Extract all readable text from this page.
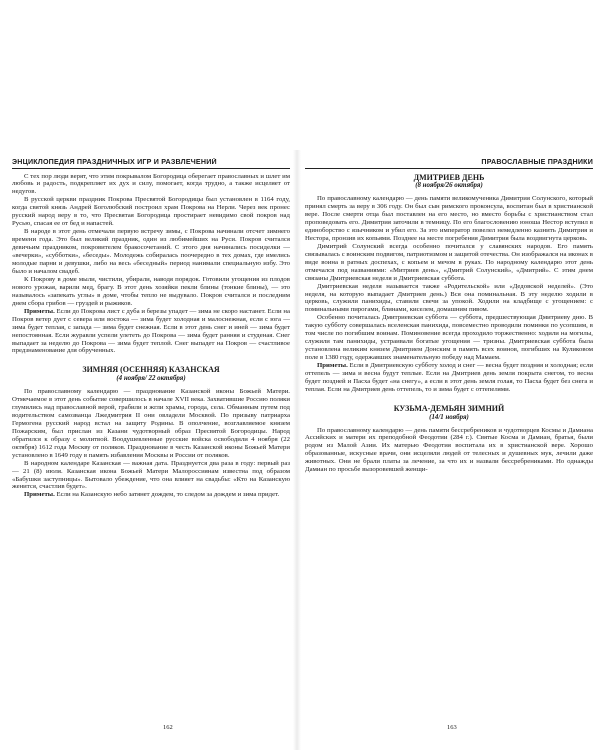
ЭНЦИКЛОПЕДИЯ ПРАЗДНИЧНЫХ ИГР И РАЗВЛЕЧЕНИЙ

С тех пор люди верят, что этим покрывалом Богородица оберегает православных и шлет им любовь и радость, подкрепляет их дух и силу, помогает, когда трудно, а также исцеляет от недугов.

В русской церкви праздник Покрова Пресвятой Богородицы был установлен в 1164 году, когда святой князь Андрей Боголюбский построил храм Покрова на Нерли. Через век пронес русский народ веру в то, что Пресвятая Богородица простирает невидимо свой покров над Русью, спасая ее от бед и напастей.

В народе в этот день отмечали первую встречу зимы, с Покрова начинали отсчет зимнего времени года. Это был великий праздник, один из любимейших на Руси. Покров считался девичьим праздником, покровителем бракосочетаний. С этого дня начинались посиделки — «вечерки», «субботки», «беседы». Молодежь собиралась поочередно в тех домах, где имелись молодые парни и девушки, либо на весь «беседный» период нанимали специальную избу. Это было и началом свадеб.

К Покрову в доме мыли, чистили, убирали, наводя порядок. Готовили угощения из плодов нового урожая, варили мед, брагу. В этот день хозяйки пекли блины (тонкие блины), — это называлось «запекать углы» в доме, чтобы тепло не выдувало. Покров считался и последним днем сбора грибов — груздей и рыжиков.

Приметы. Если до Покрова лист с дуба и березы упадет — зима не скоро настанет. Если на Покров ветер дует с севера или востока — зима будет холодная и малоснежная, если с юга — зима будет теплая, с запада — зима будет снежная. Если в этот день снег и иней — зима будет непостоянная. Если журавли успели улететь до Покрова — зима будет ранняя и студеная. Снег выпадает за неделю до Покрова — зима будет теплой. Снег выпадет на Покров — счастливое предзнаменование для обрученных.

ЗИМНЯЯ (ОСЕННЯЯ) КАЗАНСКАЯ
(4 ноября/ 22 октября)

По православному календарю — празднование Казанской иконы Божьей Матери. Отмечаемое в этот день событие совершилось в начале XVII века. Захватившие Россию поляки глумились над православной верой, грабили и жгли храмы, города, села. Обманным путем под водительством самозванца Лжедмитрия II они овладели Москвой. По призыву патриарха Гермогена русский народ встал на защиту Родины. В ополчение, возглавляемое князем Пожарским, был прислан из Казани чудотворный образ Пресвятой Богородицы. Народ обратился к образу с молитвой. Воодушевленные русские войска освободили 4 ноября (22 октября) 1612 года Москву от поляков. Празднование в честь Казанской иконы Божьей Матери установлено в 1649 году в память избавления Москвы и России от поляков.

В народном календаре Казанская — важная дата. Празднуется два раза в году: первый раз — 21 (8) июля. Казанская икона Божьей Матери Малороссиянам известна под образом «Бабушки заступницы». Бытовало убеждение, что она влияет на свадьбы: «Кто на Казанскую женится, счастлив будет».

Приметы. Если на Казанскую небо затянет дождем, то следом за дождем и зима придет.

162
ПРАВОСЛАВНЫЕ ПРАЗДНИКИ
ДМИТРИЕВ ДЕНЬ
(8 ноября/26 октября)

По православному календарю — день памяти великомученика Димитрия Солунского, который принял смерть за веру в 306 году. Он был сын римского проконсула, воспитан был в христианской вере. После смерти отца был поставлен на его место, но вместо борьбы с христианством стал проповедовать его. Димитрия заточили в темницу. По его благословению юноша Нестор вступил в единоборство с язычником и убил его. За это император повелел немедленно казнить Димитрия и Нестора, пронзив их копьями. Позднее на месте погребения Димитрия была воздвигнута церковь.

Димитрий Солунский всегда особенно почитался у славянских народов. Его память связывалась с воинским подвигом, патриотизмом и защитой отечества. Он изображался на иконах в виде воина в ратных доспехах, с копьем и мечом в руках. По народному календарю этот день отмечался под названиями: «Митриев день», «Дмитрий Солунский», «Дмитрий». С этим днем связаны Дмитриевская неделя и Дмитриевская суббота.

Дмитриевская неделя называется также «Родительской» или «Дедовской неделей». (Это неделя, на которую выпадает Дмитриев день.) Вся она поминальная. В эту неделю ходили в церковь, служили панихиды, ставили свечи за упокой. Ходили на кладбище с угощением: с поминальными пирогами, блинами, киселем, домашним пивом.

Особенно почиталась Дмитриевская суббота — суббота, предшествующая Дмитриеву дню. В такую субботу совершалась вселенская панихида, повсеместно проводили поминки по усопшим, в том числе по погибшим воинам. Поминовение всегда проходило торжественно: ходили на могилы, служили там панихиды, устраивали богатые угощения — тризны. Дмитриевская суббота была установлена великим князем Дмитрием Донским в память всех воинов, погибших на Куликовом поле в 1380 году, одержавших знаменательную победу над Мамаем.

Приметы. Если в Дмитриевскую субботу холод и снег — весна будет поздняя и холодная; если оттепель — зима и весна будут теплые. Если на Дмитриев день земля покрыта снегом, то весна будет поздней и Пасха будет «на снегу», а если в этот день земля голая, то Пасха будет без снега и теплая. Если на Дмитриев день оттепель, то и зима будет с оттепелями.

КУЗЬМА-ДЕМЬЯН ЗИМНИЙ
(14/1 ноября)

По православному календарю — день памяти бессребреников и чудотворцев Космы и Дамиана Ассийских и матери их преподобной Феодотии (284 г.). Святые Косма и Дамиан, братья, были родом из Малой Азии. Их матерью Феодотия воспитала их в христианской вере. Хорошо образованные, искусные врачи, они исцеляли людей от телесных и душевных мук, лечили даже животных. Они не брали платы за лечение, за что их и назвали бессребрениками. Но однажды Дамиан по просьбе вызоровевшей женщи-

163
